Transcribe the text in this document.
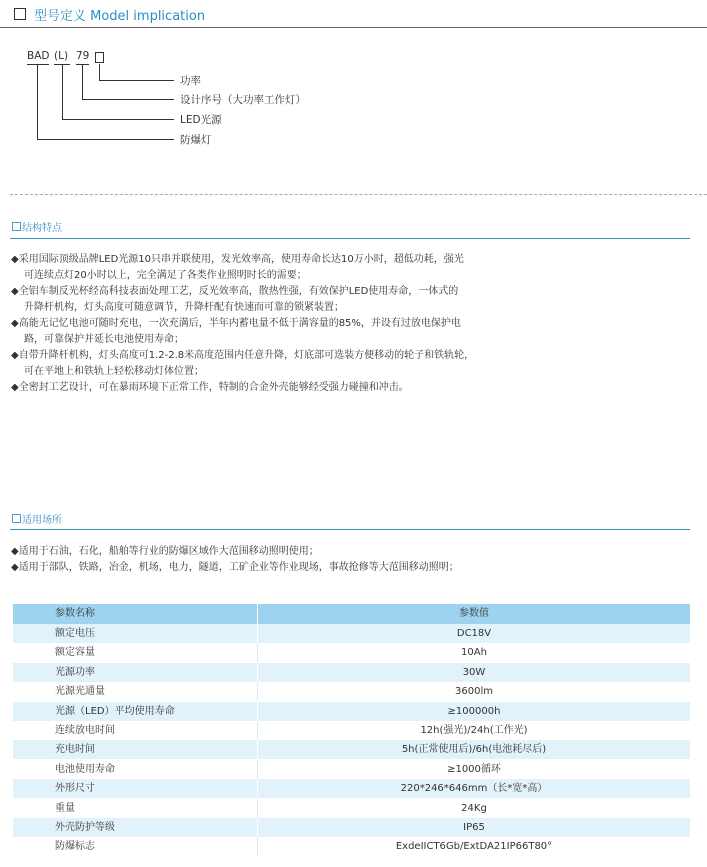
型号定义 Model implication
BAD (L) 79
功率
设计序号（大功率工作灯）
LED光源
防爆灯
结构特点
◆采用国际顶级品牌LED光源10只串并联使用，发光效率高，使用寿命长达10万小时，超低功耗，强光
可连续点灯20小时以上，完全满足了各类作业照明时长的需要；
◆全铝车制反光杯经高科技表面处理工艺，反光效率高，散热性强，有效保护LED使用寿命，一体式的
升降杆机构，灯头高度可随意调节，升降杆配有快速而可靠的锁紧装置；
◆高能无记忆电池可随时充电，一次充满后，半年内蓄电量不低于满容量的85%，并设有过放电保护电
路，可靠保护并延长电池使用寿命；
◆自带升降杆机构，灯头高度可1.2-2.8米高度范围内任意升降，灯底部可选装方便移动的轮子和铁轨轮，
可在平地上和铁轨上轻松移动灯体位置；
◆全密封工艺设计，可在暴雨环境下正常工作，特制的合金外壳能够经受强力碰撞和冲击。
适用场所
◆适用于石油，石化，船舶等行业的防爆区域作大范围移动照明使用；
◆适用于部队，铁路，冶金，机场，电力，隧道，工矿企业等作业现场，事故抢修等大范围移动照明；
参数名称	参数值
额定电压	DC18V
额定容量	10Ah
光源功率	30W
光源光通量	3600lm
光源（LED）平均使用寿命	≥100000h
连续放电时间	12h(强光)/24h(工作光)
充电时间	5h(正常使用后)/6h(电池耗尽后)
电池使用寿命	≥1000循环
外形尺寸	220*246*646mm（长*宽*高）
重量	24Kg
外壳防护等级	IP65
防爆标志	ExdeIICT6Gb/ExtDA21IP66T80°
